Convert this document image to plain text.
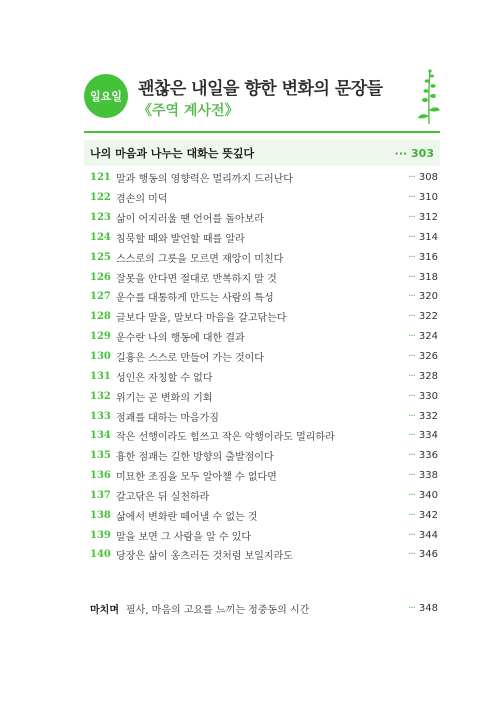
일요일 괜찮은 내일을 향한 변화의 문장들
《주역 계사전》
나의 마음과 나누는 대화는 뜻깊다	··· 303
121 말과 행동의 영향력은 멀리까지 드러난다	··· 308
122 겸손의 미덕	··· 310
123 삶이 어지러울 땐 언어를 돌아보라	··· 312
124 침묵할 때와 발언할 때를 알라	··· 314
125 스스로의 그릇을 모르면 재앙이 미친다	··· 316
126 잘못을 안다면 절대로 반복하지 말 것	··· 318
127 운수를 대통하게 만드는 사람의 특성	··· 320
128 글보다 말을, 말보다 마음을 갈고닦는다	··· 322
129 운수란 나의 행동에 대한 결과	··· 324
130 길흉은 스스로 만들어 가는 것이다	··· 326
131 성인은 자칭할 수 없다	··· 328
132 위기는 곧 변화의 기회	··· 330
133 점괘를 대하는 마음가짐	··· 332
134 작은 선행이라도 힘쓰고 작은 악행이라도 멀리하라	··· 334
135 흉한 점괘는 길한 방향의 출발점이다	··· 336
136 미묘한 조짐을 모두 알아챌 수 없다면	··· 338
137 갈고닦은 뒤 실천하라	··· 340
138 삶에서 변화란 떼어낼 수 없는 것	··· 342
139 말을 보면 그 사람을 알 수 있다	··· 344
140 당장은 삶이 옹츠러든 것처럼 보일지라도	··· 346
마치며 필사, 마음의 고요를 느끼는 정중동의 시간	··· 348
